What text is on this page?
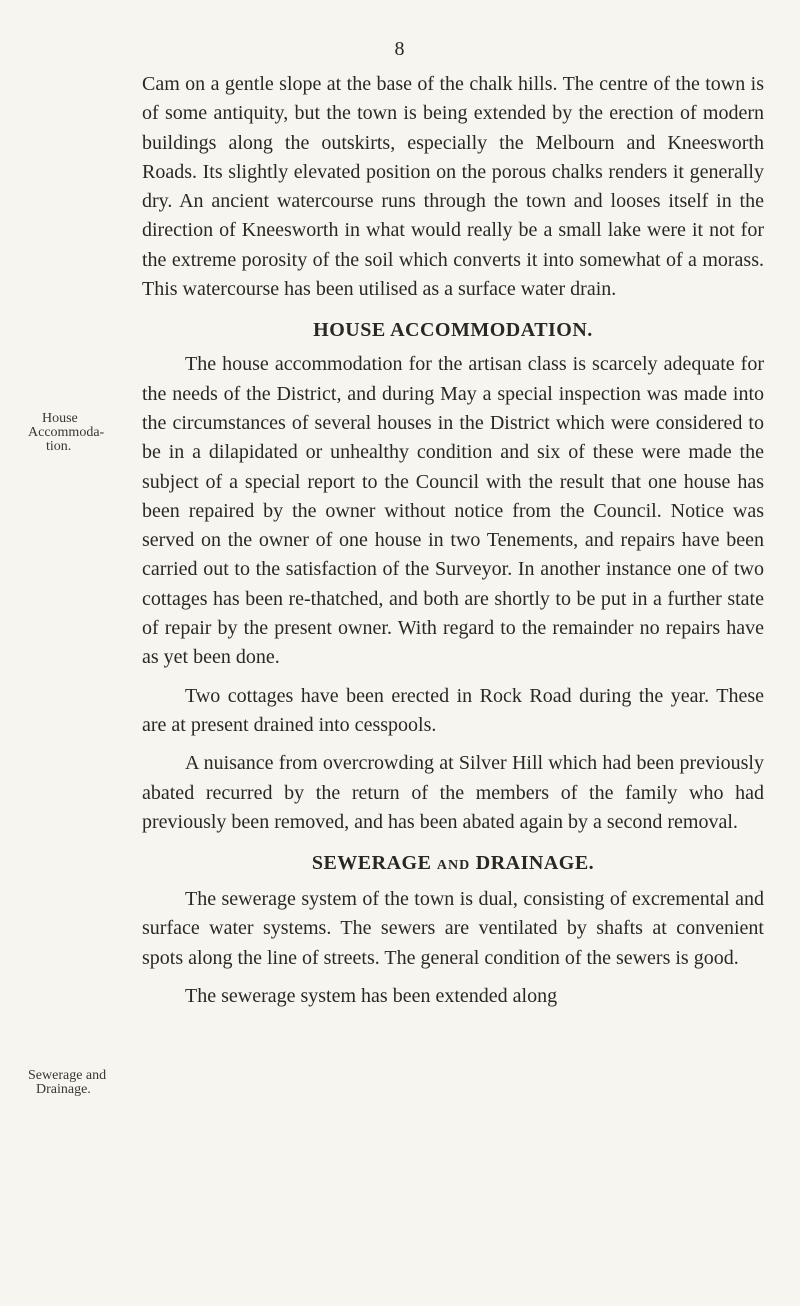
8
House
Accommoda-
tion.
Sewerage and
Drainage.

Cam on a gentle slope at the base of the chalk hills. The centre of the town is of some antiquity, but the town is being extended by the erection of modern buildings along the outskirts, especially the Melbourn and Kneesworth Roads. Its slightly elevated position on the porous chalks renders it generally dry. An ancient watercourse runs through the town and looses itself in the direction of Kneesworth in what would really be a small lake were it not for the extreme porosity of the soil which converts it into somewhat of a morass. This watercourse has been utilised as a surface water drain.

HOUSE ACCOMMODATION.

The house accommodation for the artisan class is scarcely adequate for the needs of the District, and during May a special inspection was made into the circumstances of several houses in the District which were considered to be in a dilapidated or unhealthy condition and six of these were made the subject of a special report to the Council with the result that one house has been repaired by the owner without notice from the Council. Notice was served on the owner of one house in two Tenements, and repairs have been carried out to the satisfaction of the Surveyor. In another instance one of two cottages has been re-thatched, and both are shortly to be put in a further state of repair by the present owner. With regard to the remainder no repairs have as yet been done.

Two cottages have been erected in Rock Road during the year. These are at present drained into cesspools.

A nuisance from overcrowding at Silver Hill which had been previously abated recurred by the return of the members of the family who had previously been removed, and has been abated again by a second removal.

SEWERAGE AND DRAINAGE.

The sewerage system of the town is dual, consisting of excremental and surface water systems. The sewers are ventilated by shafts at convenient spots along the line of streets. The general condition of the sewers is good.

The sewerage system has been extended along
